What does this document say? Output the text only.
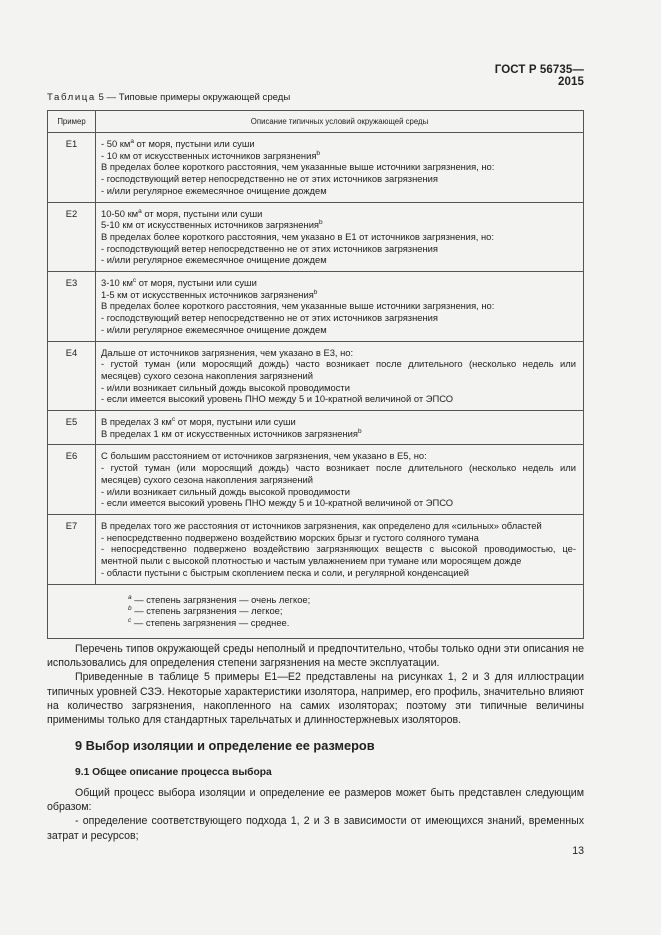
ГОСТ Р 56735—2015
Таблица 5 — Типовые примеры окружающей среды
Пример	Описание типичных условий окружающей среды
E1	- 50 $км^a$ от моря, пустыни или суши
- 10 км от искусственных источников загрязнения$^b$
В пределах более короткого расстояния, чем указанные выше источники загрязнения, но:
- господствующий ветер непосредственно не от этих источников загрязнения
- и/или регулярное ежемесячное очищение дождем

E2	10-50 $км^a$ от моря, пустыни или суши
5-10 км от искусственных источников загрязнения$^b$
В пределах более короткого расстояния, чем указано в E1 от источников загрязнения, но:
- господствующий ветер непосредственно не от этих источников загрязнения
- и/или регулярное ежемесячное очищение дождем

E3	3-10 $км^c$ от моря, пустыни или суши
1-5 км от искусственных источников загрязнения$^b$
В пределах более короткого расстояния, чем указанные выше источники загрязнения, но:
- господствующий ветер непосредственно не от этих источников загрязнения
- и/или регулярное ежемесячное очищение дождем

E4	Дальше от источников загрязнения, чем указано в E3, но:
- густой туман (или моросящий дождь) часто возникает после длительного (несколько недель или
месяцев) сухого сезона накопления загрязнений
- и/или возникает сильный дождь высокой проводимости
- если имеется высокий уровень ПНО между 5 и 10-кратной величиной от ЭПСО

E5	В пределах 3 $км^c$ от моря, пустыни или суши
В пределах 1 км от искусственных источников загрязнения$^b$

E6	С большим расстоянием от источников загрязнения, чем указано в E5, но:
- густой туман (или моросящий дождь) часто возникает после длительного (несколько недель или
месяцев) сухого сезона накопления загрязнений
- и/или возникает сильный дождь высокой проводимости
- если имеется высокий уровень ПНО между 5 и 10-кратной величиной от ЭПСО

E7	В пределах того же расстояния от источников загрязнения, как определено для «сильных» областей
- непосредственно подвержено воздействию морских брызг и густого соляного тумана
- непосредственно подвержено воздействию загрязняющих веществ с высокой проводимостью, це-
ментной пыли с высокой плотностью и частым увлажнением при тумане или моросящем дожде
- области пустыни с быстрым скоплением песка и соли, и регулярной конденсацией

$^a$ — степень загрязнения — очень легкое;
$^b$ — степень загрязнения — легкое;
$^c$ — степень загрязнения — среднее.	

Перечень типов окружающей среды неполный и предпочтительно, чтобы только одни эти описания не использовались для определения степени загрязнения на месте эксплуатации.

Приведенные в таблице 5 примеры E1—E2 представлены на рисунках 1, 2 и 3 для иллюстрации типичных уровней СЗЭ. Некоторые характеристики изолятора, например, его профиль, значительно влияют на количество загрязнения, накопленного на самих изоляторах; поэтому эти типичные величины применимы только для стандартных тарельчатых и длинностержневых изоляторов.

9 Выбор изоляции и определение ее размеров
9.1 Общее описание процесса выбора

Общий процесс выбора изоляции и определение ее размеров может быть представлен следующим образом:

- определение соответствующего подхода 1, 2 и 3 в зависимости от имеющихся знаний, временных затрат и ресурсов;

13
